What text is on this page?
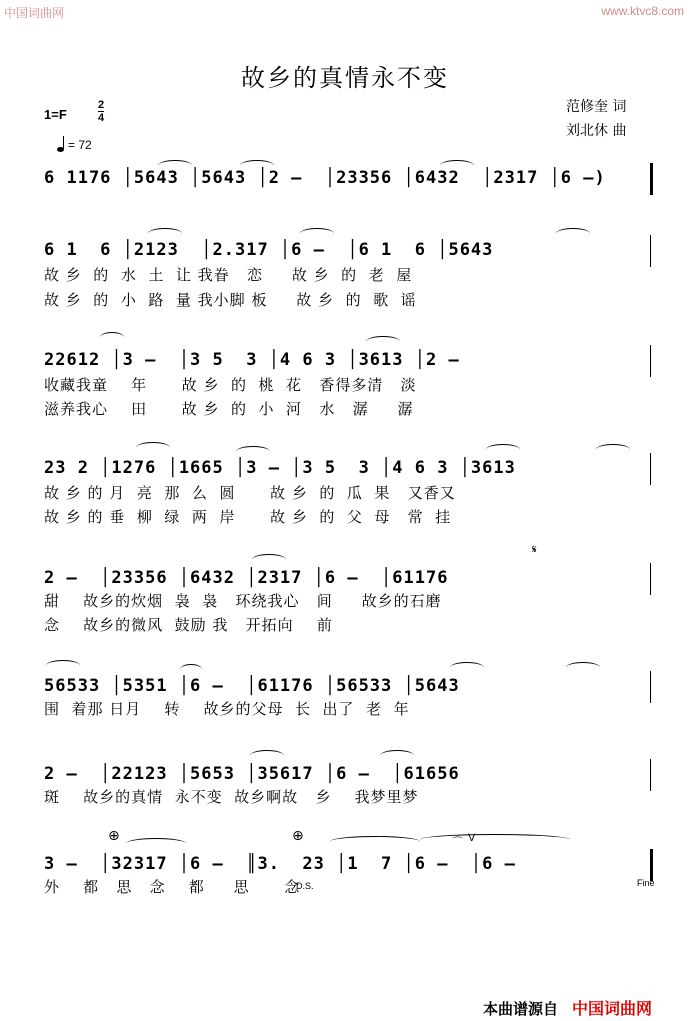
中国词曲网	www.ktvc8.com
故乡的真情永不变
范修奎 词
刘北休 曲
1=F
2
4
= 72
6 1176 │5643 │5643 │2 –  │23356 │6432  │2317 │6 –)
6 1  6 │2123  │2.317 │6 –  │6 1  6 │5643
故 乡  的  水  土  让 我眷   恋     故 乡  的  老  屋
故 乡  的  小  路  量 我小脚 板     故 乡  的  歌  谣
22612 │3 –  │3 5  3 │4 6 3 │3613 │2 –
收藏我童    年      故 乡  的  桃  花   香得多清   淡
滋养我心    田      故 乡  的  小  河   水   潺     潺
23 2 │1276 │1665 │3 – │3 5  3 │4 6 3 │3613
故 乡 的 月  亮  那  么  圆      故 乡  的  瓜  果   又香又
故 乡 的 垂  柳  绿  两  岸      故 乡  的  父  母   常  挂
2 –  │23356 │6432 │2317 │6 –  │61176
𝄋
甜    故乡的炊烟  袅  袅   环绕我心   间     故乡的石磨
念    故乡的微风  鼓励 我   开拓向    前
56533 │5351 │6 –  │61176 │56533 │5643
围  着那 日月    转    故乡的父母  长  出了  老  年
2 –  │22123 │5653 │35617 │6 –  │61656
斑    故乡的真情  永不变  故乡啊故   乡    我梦里梦
3 –  │32317 │6 –  ║3.  23 │1  7 │6 –  │6 –
⊕	⊕	⌒ V
外    都   思   念    都     思      念
D.S.	Fine
本曲谱源自 中国词曲网
